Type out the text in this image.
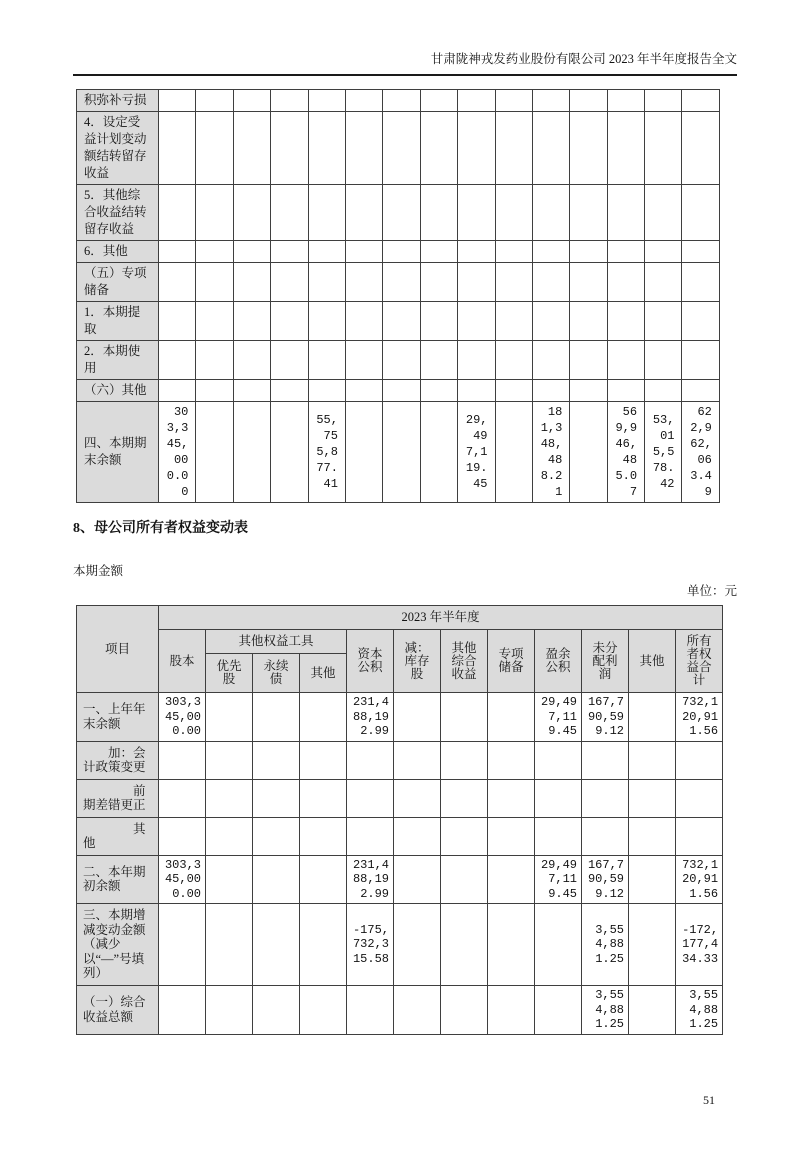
甘肃陇神戎发药业股份有限公司 2023 年半年度报告全文
积弥补亏损															
4．设定受益计划变动额结转留存收益															
5．其他综合收益结转留存收益															
6．其他															
（五）专项储备															
1．本期提取															
2．本期使用															
（六）其他															
四、本期期末余额	303,345,000.00				55,755,877.41				29,497,119.45		181,348,488.21		569,946,485.07	53,015,578.42	622,962,063.49
8、母公司所有者权益变动表
本期金额
单位：元
项目	2023 年半年度											
	股本	其他权益工具			资本公积	减：库存股	其他综合收益	专项储备	盈余公积	未分配利润	其他	所有者权益合计
		优先股	永续债	其他								
一、上年年末余额	303,345,000.00				231,488,192.99				29,497,119.45	167,790,599.12		732,120,911.56
　　加：会计政策变更												
　　　　前期差错更正												
　　　　其他												
二、本年期初余额	303,345,000.00				231,488,192.99				29,497,119.45	167,790,599.12		732,120,911.56
三、本期增减变动金额（减少以“—”号填列）					-175,732,315.58					3,554,881.25		-172,177,434.33
（一）综合收益总额										3,554,881.25		3,554,881.25
51
